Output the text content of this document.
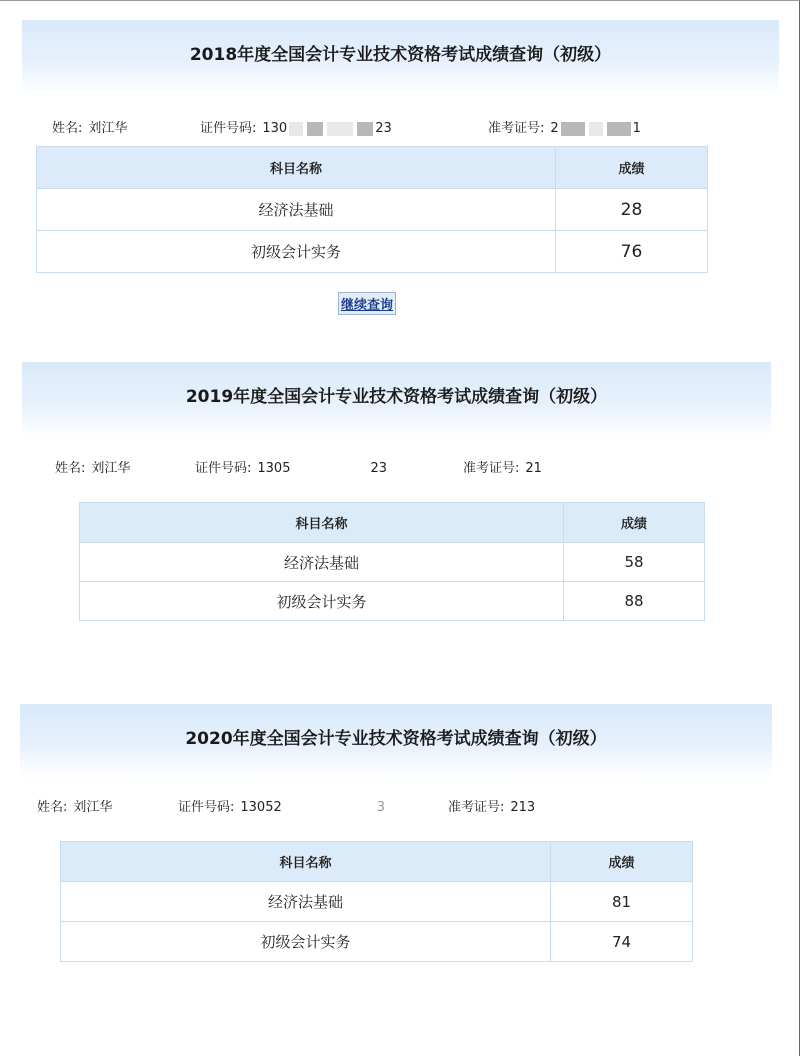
2018年度全国会计专业技术资格考试成绩查询（初级）
姓名: 刘江华	证件号码: 130	23	准考证号: 2	1
科目名称	成绩
经济法基础	28
初级会计实务	76
继续查询
2019年度全国会计专业技术资格考试成绩查询（初级）
姓名: 刘江华	证件号码: 1305	23	准考证号: 21
科目名称	成绩
经济法基础	58
初级会计实务	88
2020年度全国会计专业技术资格考试成绩查询（初级）
姓名: 刘江华	证件号码: 13052	3	准考证号: 213
科目名称	成绩
经济法基础	81
初级会计实务	74
